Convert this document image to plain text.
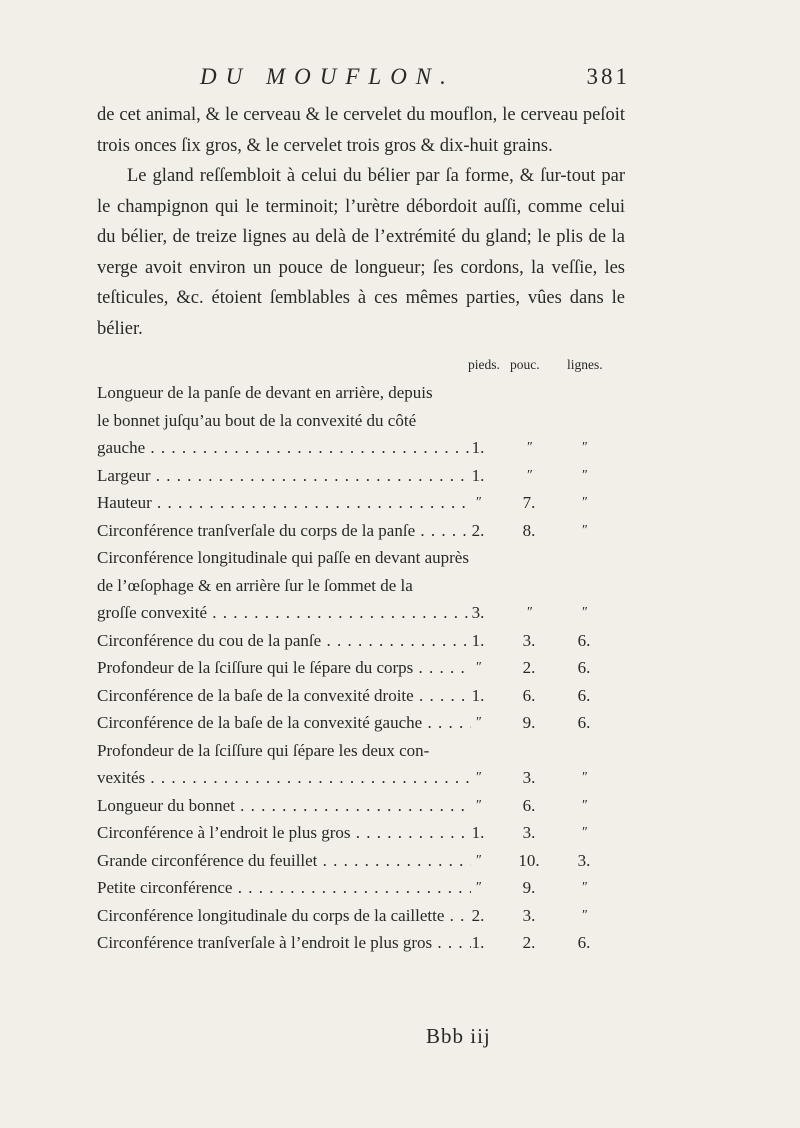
DU MOUFLON.	381

de cet animal, & le cerveau & le cervelet du mouflon, le cerveau peſoit trois onces ſix gros, & le cervelet trois gros & dix-huit grains.

Le gland reſſembloit à celui du bélier par ſa forme, & ſur-tout par le champignon qui le terminoit; l’urètre débordoit auſſi, comme celui du bélier, de treize lignes au delà de l’extrémité du gland; le plis de la verge avoit environ un pouce de longueur; ſes cordons, la veſſie, les teſticules, &c. étoient ſemblables à ces mêmes parties, vûes dans le bélier.

pieds. pouc. lignes.
Longueur de la panſe de devant en arrière, depuis
le bonnet juſqu’au bout de la convexité du côté
gauche . . .	1.	″	″
Largeur . . .	1.	″	″
Hauteur . . .	″	7.	″
Circonférence tranſverſale du corps de la panſe . . .	2.	8.	″
Circonférence longitudinale qui paſſe en devant auprès
de l’œſophage & en arrière ſur le ſommet de la
groſſe convexité . . .	3.	″	″
Circonférence du cou de la panſe . . .	1.	3.	6.
Profondeur de la ſciſſure qui le ſépare du corps . . .	″	2.	6.
Circonférence de la baſe de la convexité droite . . .	1.	6.	6.
Circonférence de la baſe de la convexité gauche . . .	″	9.	6.
Profondeur de la ſciſſure qui ſépare les deux con-
vexités . . .	″	3.	″
Longueur du bonnet . . .	″	6.	″
Circonférence à l’endroit le plus gros . . .	1.	3.	″
Grande circonférence du feuillet . . .	″	10.	3.
Petite circonférence . . .	″	9.	″
Circonférence longitudinale du corps de la caillette . . .	2.	3.	″
Circonférence tranſverſale à l’endroit le plus gros . . .	1.	2.	6.
Bbb iij
